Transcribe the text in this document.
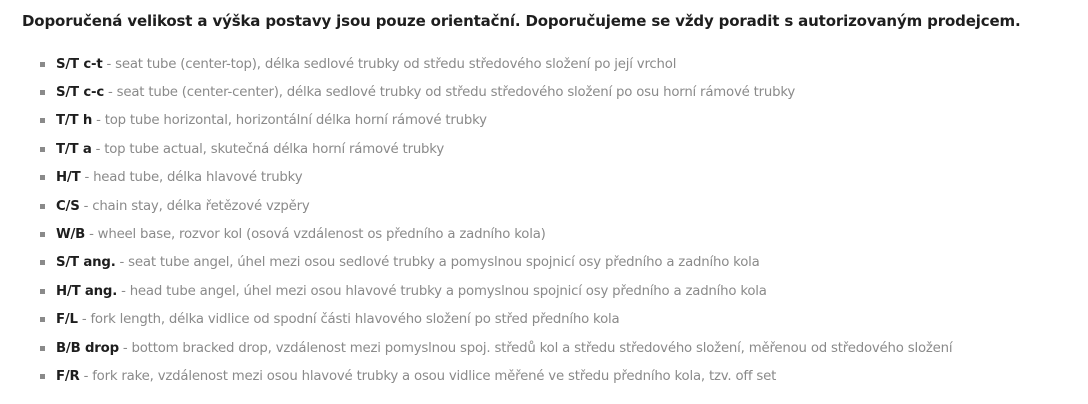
Doporučená velikost a výška postavy jsou pouze orientační. Doporučujeme se vždy poradit s autorizovaným prodejcem.

S/T c-t - seat tube (center-top), délka sedlové trubky od středu středového složení po její vrchol
S/T c-c - seat tube (center-center), délka sedlové trubky od středu středového složení po osu horní rámové trubky
T/T h - top tube horizontal, horizontální délka horní rámové trubky
T/T a - top tube actual, skutečná délka horní rámové trubky
H/T - head tube, délka hlavové trubky
C/S - chain stay, délka řetězové vzpěry
W/B - wheel base, rozvor kol (osová vzdálenost os předního a zadního kola)
S/T ang. - seat tube angel, úhel mezi osou sedlové trubky a pomyslnou spojnicí osy předního a zadního kola
H/T ang. - head tube angel, úhel mezi osou hlavové trubky a pomyslnou spojnicí osy předního a zadního kola
F/L - fork length, délka vidlice od spodní části hlavového složení po střed předního kola
B/B drop - bottom bracked drop, vzdálenost mezi pomyslnou spoj. středů kol a středu středového složení, měřenou od středového složení
F/R - fork rake, vzdálenost mezi osou hlavové trubky a osou vidlice měřené ve středu předního kola, tzv. off set
